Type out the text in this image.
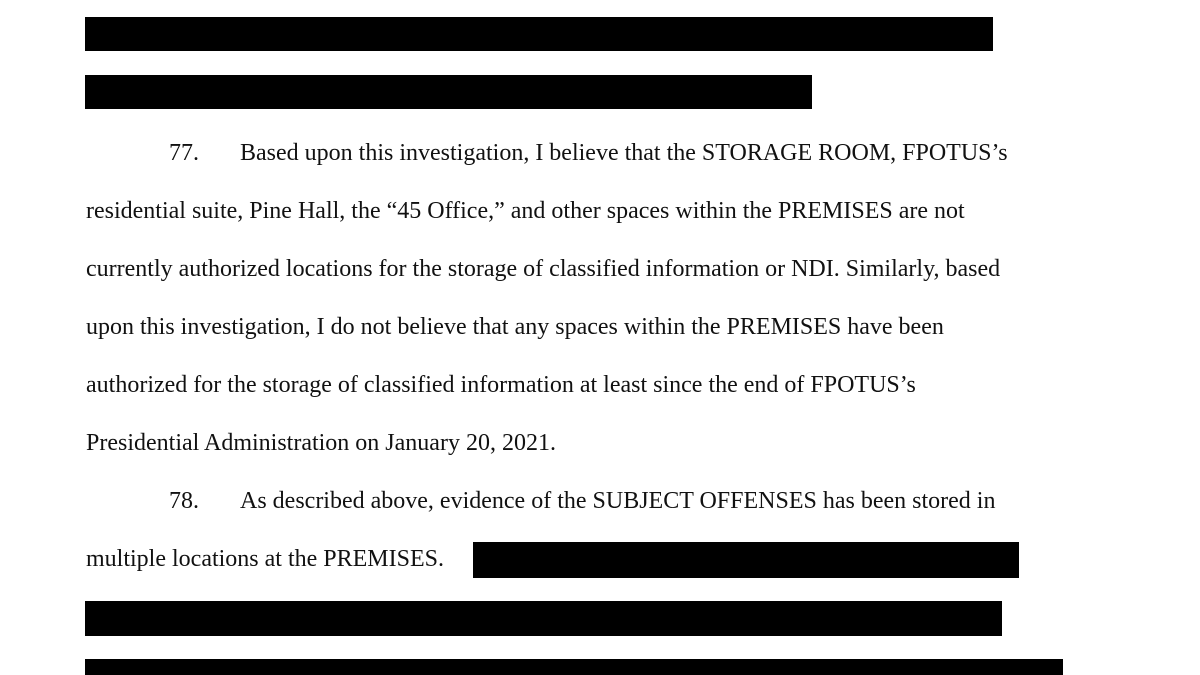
77. Based upon this investigation, I believe that the STORAGE ROOM, FPOTUS’s
residential suite, Pine Hall, the “45 Office,” and other spaces within the PREMISES are not
currently authorized locations for the storage of classified information or NDI. Similarly, based
upon this investigation, I do not believe that any spaces within the PREMISES have been
authorized for the storage of classified information at least since the end of FPOTUS’s
Presidential Administration on January 20, 2021.
78. As described above, evidence of the SUBJECT OFFENSES has been stored in
multiple locations at the PREMISES.
